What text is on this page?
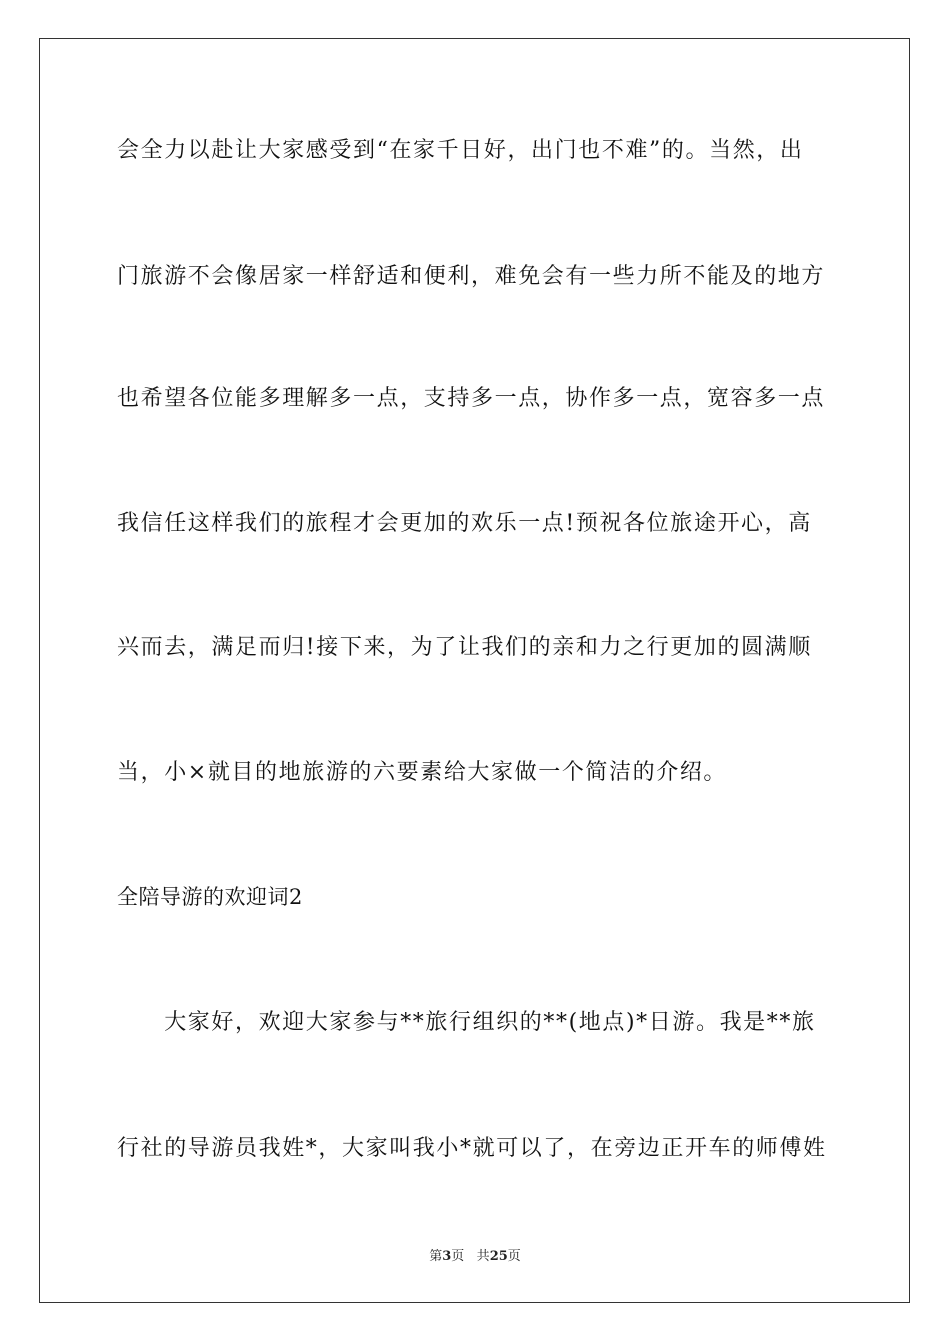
会全力以赴让大家感受到“在家千日好，出门也不难”的。当然，出
门旅游不会像居家一样舒适和便利，难免会有一些力所不能及的地方
也希望各位能多理解多一点，支持多一点，协作多一点，宽容多一点
我信任这样我们的旅程才会更加的欢乐一点!预祝各位旅途开心，高
兴而去，满足而归!接下来，为了让我们的亲和力之行更加的圆满顺
当，小×就目的地旅游的六要素给大家做一个简洁的介绍。
全陪导游的欢迎词2
　　大家好，欢迎大家参与**旅行组织的**(地点)*日游。我是**旅
行社的导游员我姓*，大家叫我小*就可以了，在旁边正开车的师傅姓
第3页 共25页
